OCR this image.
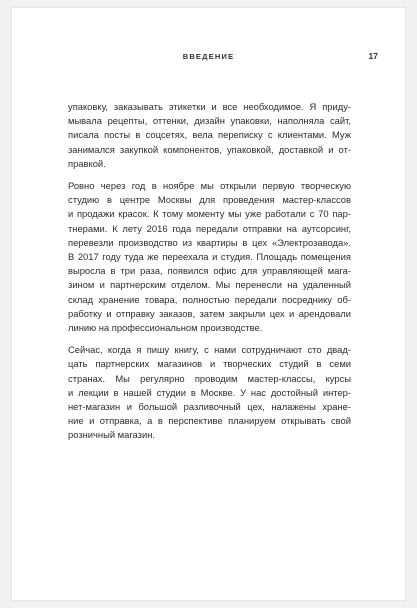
ВВЕДЕНИЕ	17

упаковку, заказывать этикетки и все необходимое. Я приду-
мывала рецепты, оттенки, дизайн упаковки, наполняла сайт,
писала посты в соцсетях, вела переписку с клиентами. Муж
занимался закупкой компонентов, упаковкой, доставкой и от-
правкой.

Ровно через год в ноябре мы открыли первую творческую
студию в центре Москвы для проведения мастер-классов
и продажи красок. К тому моменту мы уже работали с 70 пар-
тнерами. К лету 2016 года передали отправки на аутсорсинг,
перевезли производство из квартиры в цех «Электрозавода».
В 2017 году туда же переехала и студия. Площадь помещения
выросла в три раза, появился офис для управляющей мага-
зином и партнерским отделом. Мы перенесли на удаленный
склад хранение товара, полностью передали посреднику об-
работку и отправку заказов, затем закрыли цех и арендовали
линию на профессиональном производстве.

Сейчас, когда я пишу книгу, с нами сотрудничают сто двад-
цать партнерских магазинов и творческих студий в семи
странах. Мы регулярно проводим мастер-классы, курсы
и лекции в нашей студии в Москве. У нас достойный интер-
нет-магазин и большой разливочный цех, налажены хране-
ние и отправка, а в перспективе планируем открывать свой
розничный магазин.
